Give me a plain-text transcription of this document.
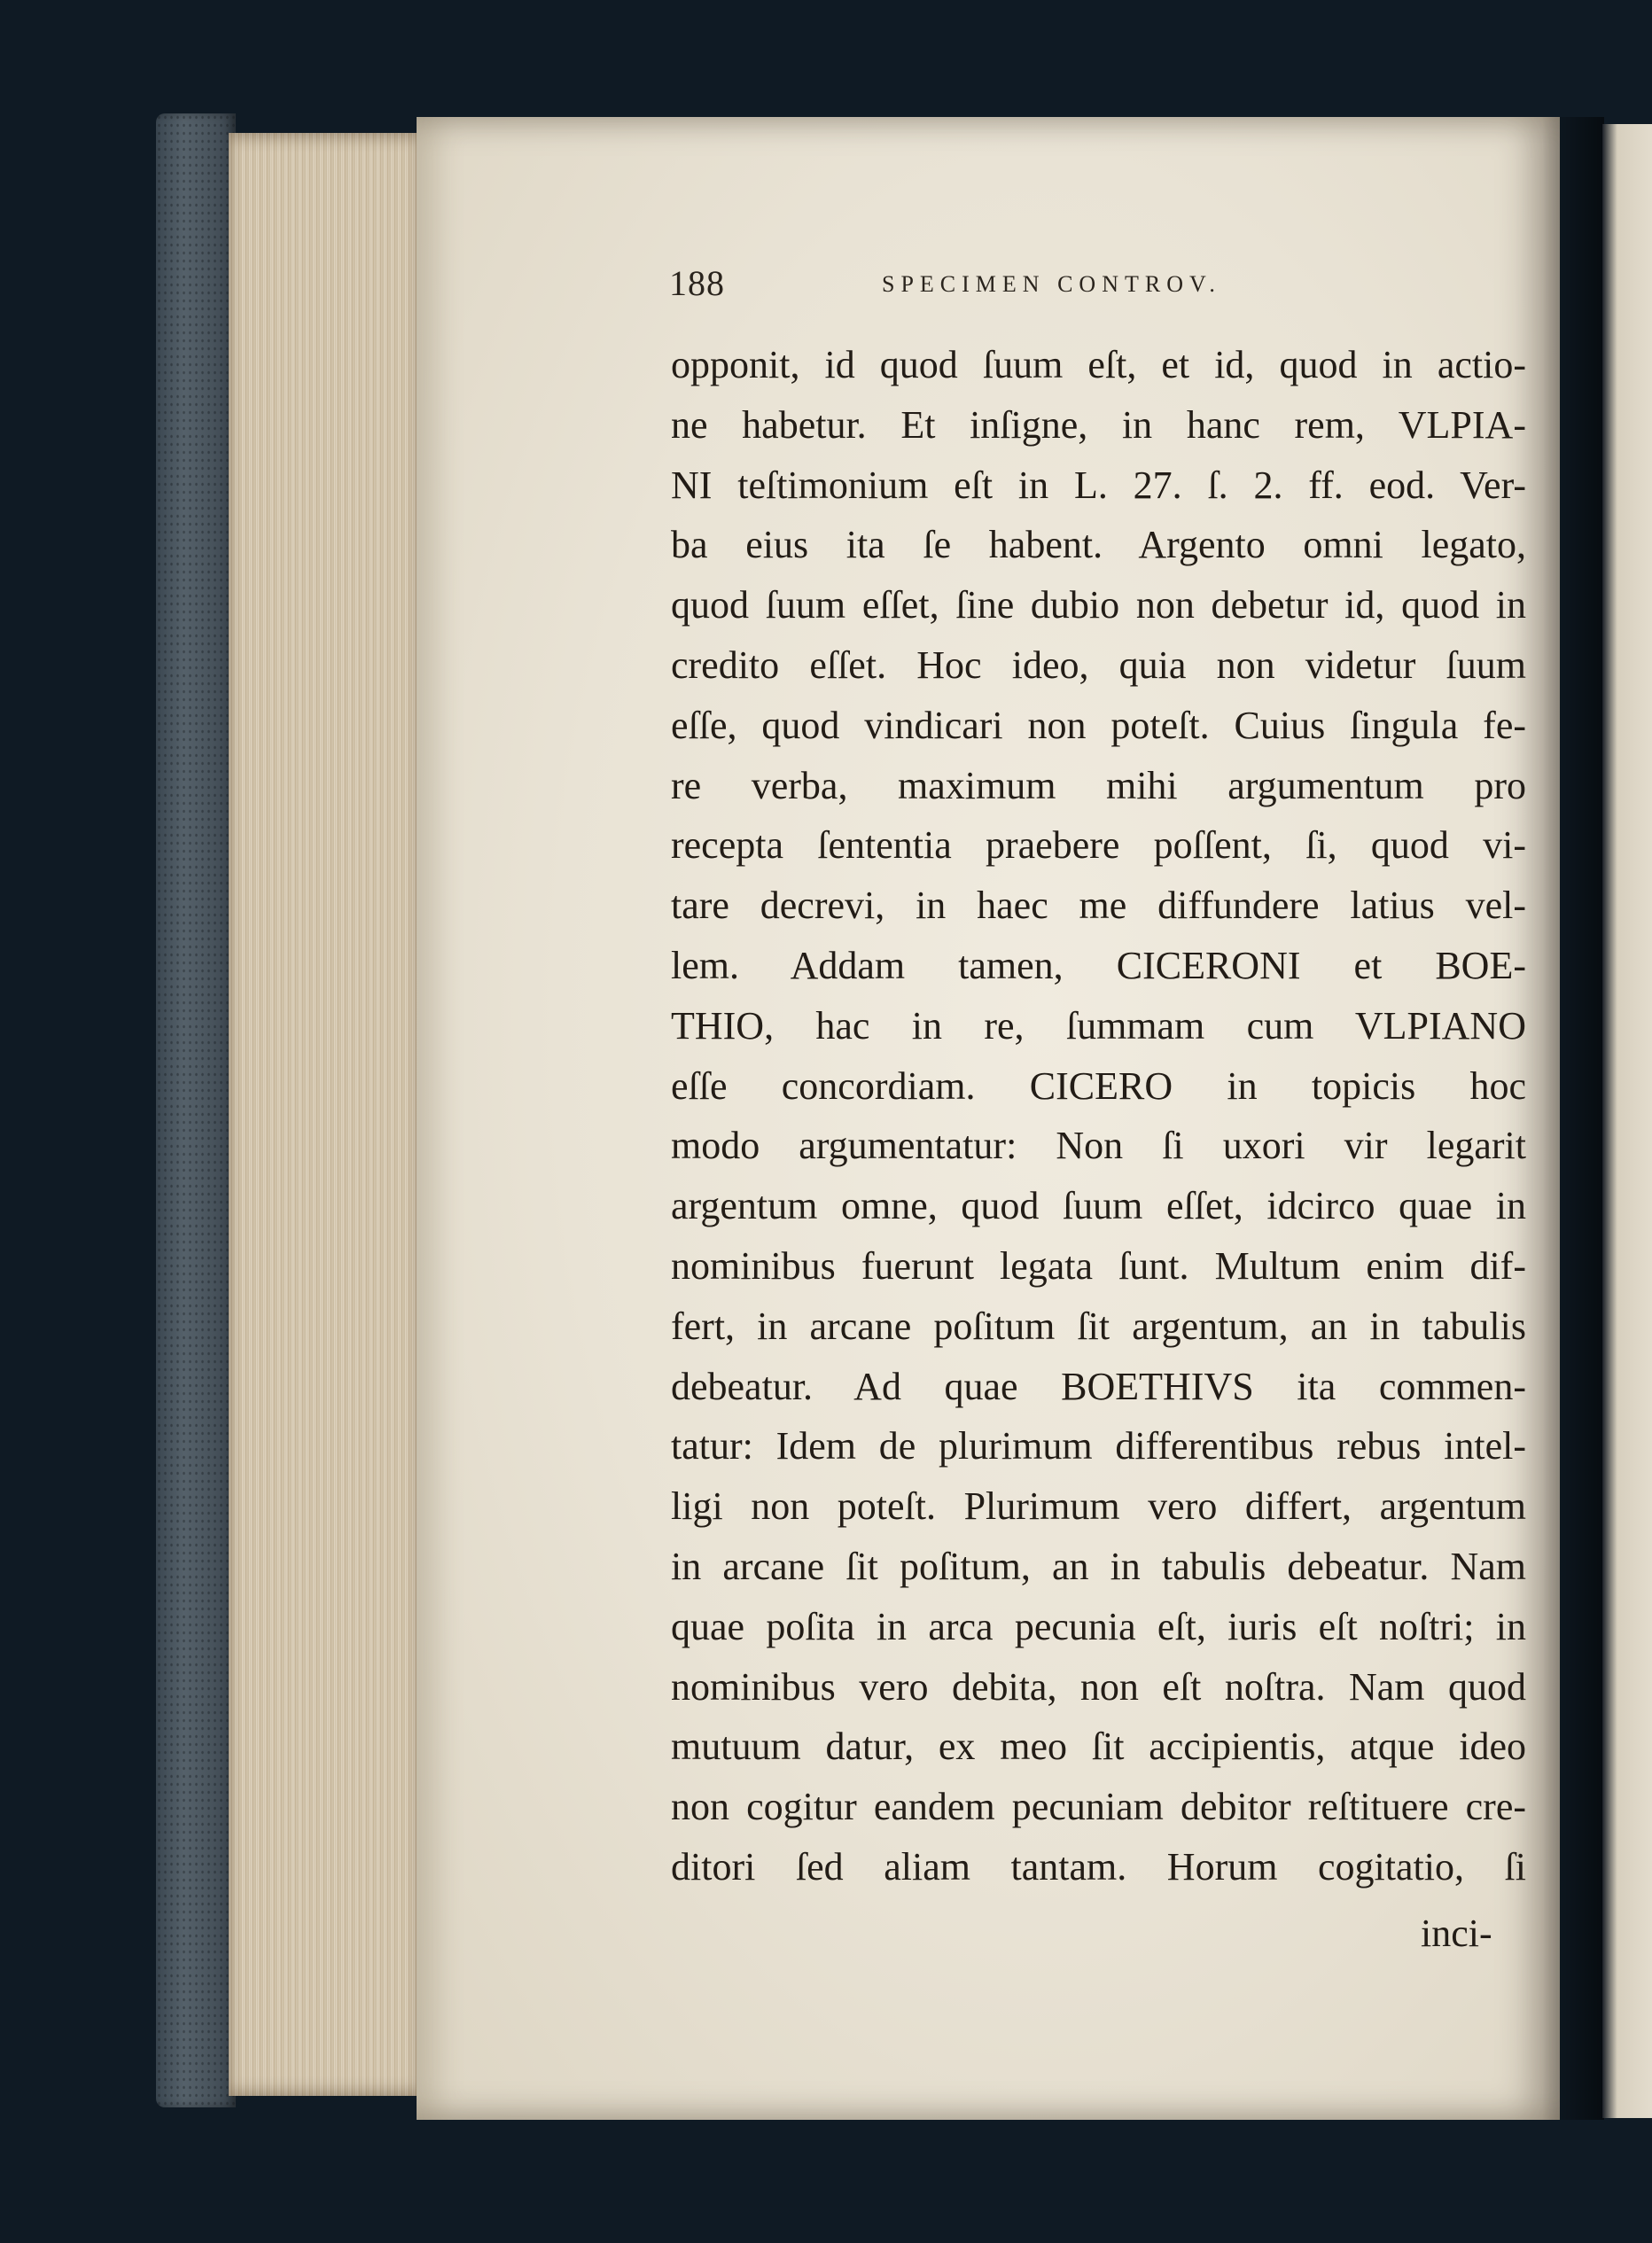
188	SPECIMEN CONTROV.
opponit, id quod ſuum eſt, et id, quod in actio-
ne habetur. Et inſigne, in hanc rem, VLPIA-
NI teſtimonium eſt in L. 27. ſ. 2. ff. eod. Ver-
ba eius ita ſe habent. Argento omni legato,
quod ſuum eſſet, ſine dubio non debetur id, quod in
credito eſſet. Hoc ideo, quia non videtur ſuum
eſſe, quod vindicari non poteſt. Cuius ſingula fe-
re verba, maximum mihi argumentum pro
recepta ſententia praebere poſſent, ſi, quod vi-
tare decrevi, in haec me diffundere latius vel-
lem. Addam tamen, CICERONI et BOE-
THIO, hac in re, ſummam cum VLPIANO
eſſe concordiam. CICERO in topicis hoc
modo argumentatur: Non ſi uxori vir legarit
argentum omne, quod ſuum eſſet, idcirco quae in
nominibus fuerunt legata ſunt. Multum enim dif-
fert, in arcane poſitum ſit argentum, an in tabulis
debeatur. Ad quae BOETHIVS ita commen-
tatur: Idem de plurimum differentibus rebus intel-
ligi non poteſt. Plurimum vero differt, argentum
in arcane ſit poſitum, an in tabulis debeatur. Nam
quae poſita in arca pecunia eſt, iuris eſt noſtri; in
nominibus vero debita, non eſt noſtra. Nam quod
mutuum datur, ex meo ſit accipientis, atque ideo
non cogitur eandem pecuniam debitor reſtituere cre-
ditori ſed aliam tantam. Horum cogitatio, ſi
inci-
